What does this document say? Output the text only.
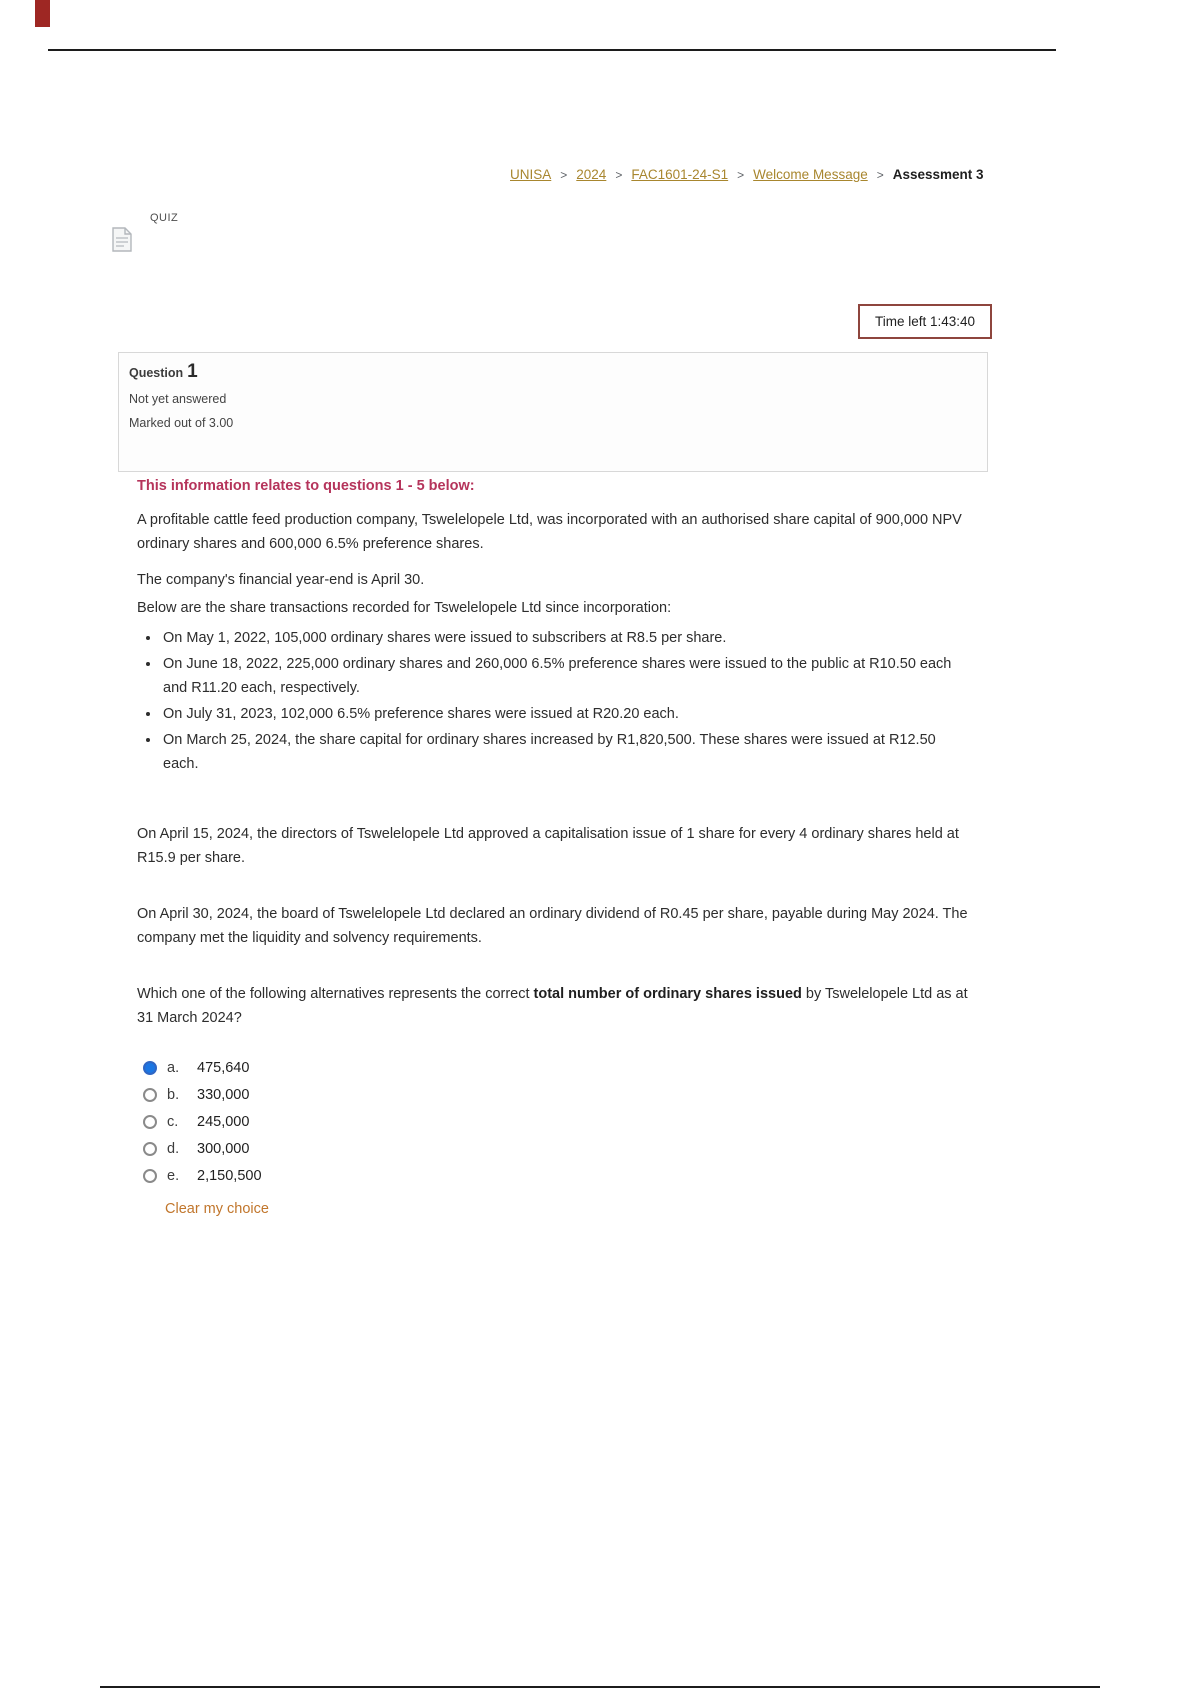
UNISA > 2024 > FAC1601-24-S1 > Welcome Message > Assessment 3
QUIZ
Time left 1:43:40
Question 1
Not yet answered
Marked out of 3.00

This information relates to questions 1 - 5 below:

A profitable cattle feed production company, Tswelelopele Ltd, was incorporated with an authorised share capital of 900,000 NPV ordinary shares and 600,000 6.5% preference shares.

The company's financial year-end is April 30.

Below are the share transactions recorded for Tswelelopele Ltd since incorporation:

• On May 1, 2022, 105,000 ordinary shares were issued to subscribers at R8.5 per share.
• On June 18, 2022, 225,000 ordinary shares and 260,000 6.5% preference shares were issued to the public at R10.50 each and R11.20 each, respectively.
• On July 31, 2023, 102,000 6.5% preference shares were issued at R20.20 each.
• On March 25, 2024, the share capital for ordinary shares increased by R1,820,500. These shares were issued at R12.50 each.

On April 15, 2024, the directors of Tswelelopele Ltd approved a capitalisation issue of 1 share for every 4 ordinary shares held at R15.9 per share.

On April 30, 2024, the board of Tswelelopele Ltd declared an ordinary dividend of R0.45 per share, payable during May 2024. The company met the liquidity and solvency requirements.

Which one of the following alternatives represents the correct total number of ordinary shares issued by Tswelelopele Ltd as at 31 March 2024?

a.	475,640
b.	330,000
c.	245,000
d.	300,000
e.	2,150,500
Clear my choice
